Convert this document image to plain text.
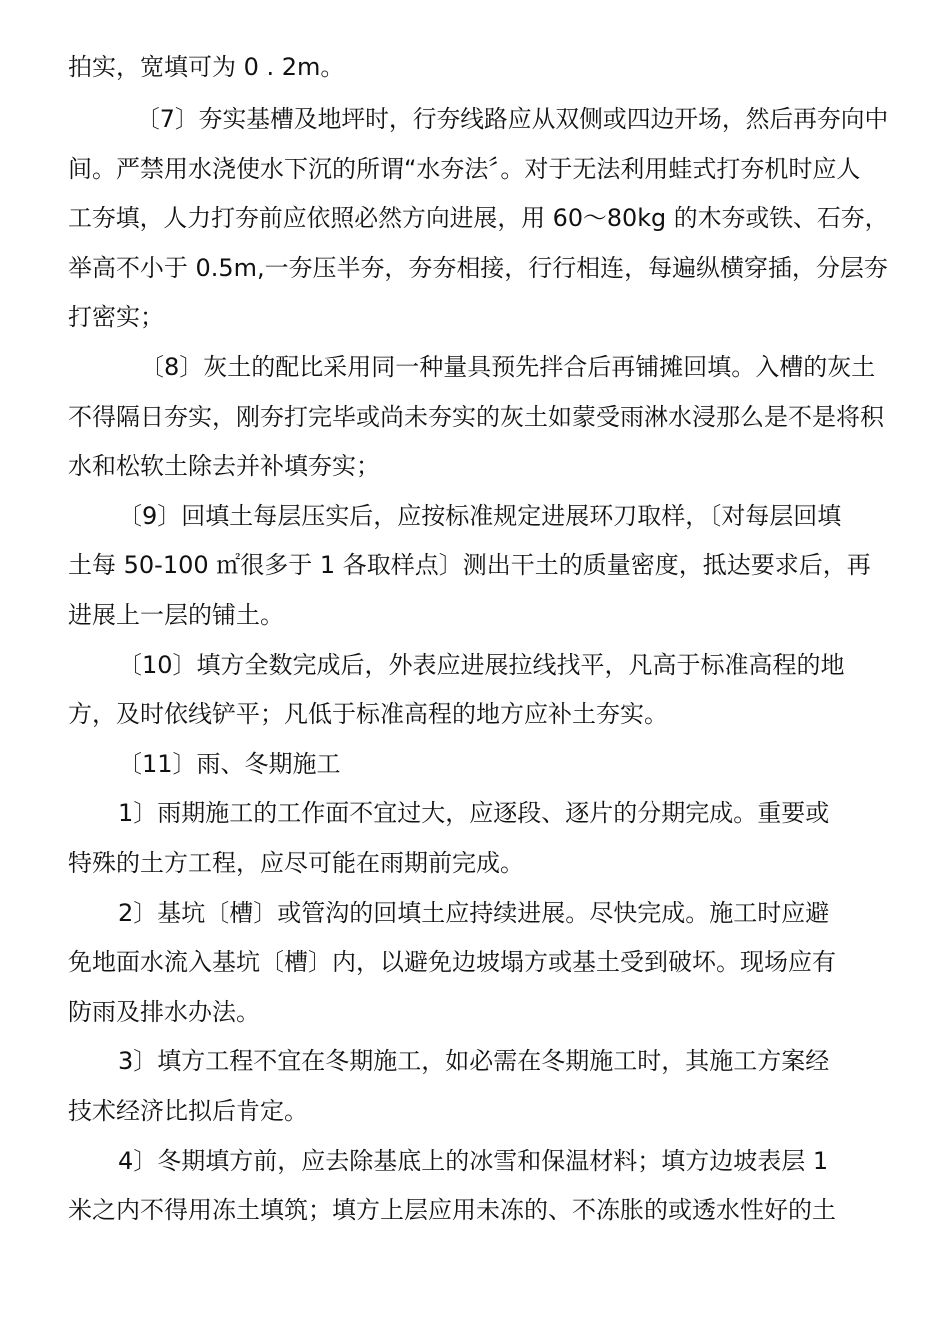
拍实，宽填可为 0 . 2m。
〔7〕夯实基槽及地坪时，行夯线路应从双侧或四边开场，然后再夯向中
间。严禁用水浇使水下沉的所谓“水夯法〞。对于无法利用蛙式打夯机时应人
工夯填，人力打夯前应依照必然方向进展，用 60～80kg 的木夯或铁、石夯，
举高不小于 0.5m,一夯压半夯，夯夯相接，行行相连，每遍纵横穿插，分层夯
打密实；
〔8〕灰土的配比采用同一种量具预先拌合后再铺摊回填。入槽的灰土
不得隔日夯实，刚夯打完毕或尚未夯实的灰土如蒙受雨淋水浸那么是不是将积
水和松软土除去并补填夯实；
〔9〕回填土每层压实后，应按标准规定进展环刀取样，〔对每层回填
土每 50-100 ㎡很多于 1 各取样点〕测出干土的质量密度，抵达要求后，再
进展上一层的铺土。
〔10〕填方全数完成后，外表应进展拉线找平，凡高于标准高程的地
方，及时依线铲平；凡低于标准高程的地方应补土夯实。
〔11〕雨、冬期施工
1〕雨期施工的工作面不宜过大，应逐段、逐片的分期完成。重要或
特殊的土方工程，应尽可能在雨期前完成。
2〕基坑〔槽〕或管沟的回填土应持续进展。尽快完成。施工时应避
免地面水流入基坑〔槽〕内，以避免边坡塌方或基土受到破坏。现场应有
防雨及排水办法。
3〕填方工程不宜在冬期施工，如必需在冬期施工时，其施工方案经
技术经济比拟后肯定。
4〕冬期填方前，应去除基底上的冰雪和保温材料；填方边坡表层 1
米之内不得用冻土填筑；填方上层应用未冻的、不冻胀的或透水性好的土
